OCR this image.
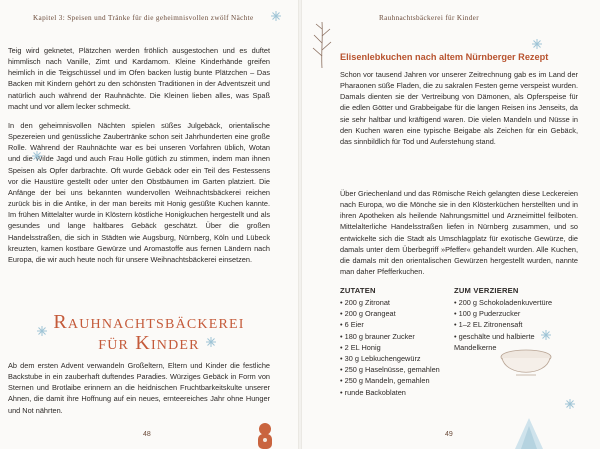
Kapitel 3: Speisen und Tränke für die geheimnisvollen zwölf Nächte

Teig wird geknetet, Plätzchen werden fröhlich ausgestochen und es duftet himmlisch nach Vanille, Zimt und Kardamom. Kleine Kinderhände greifen heimlich in die Teigschüssel und im Ofen backen lustig bunte Plätzchen – Das Backen mit Kindern gehört zu den schönsten Traditionen in der Adventszeit und natürlich auch während der Rauhnächte. Die Kleinen lieben alles, was Spaß macht und vor allem lecker schmeckt.

In den geheimnisvollen Nächten spielen süßes Julgebäck, orientalische Spezereien und genüssliche Zaubertränke schon seit Jahrhunderten eine große Rolle. Während der Rauhnächte war es bei unseren Vorfahren üblich, Wotan und die Wilde Jagd und auch Frau Holle gütlich zu stimmen, indem man ihnen Speisen als Opfer darbrachte. Oft wurde Gebäck oder ein Teil des Festessens vor die Haustüre gestellt oder unter den Obstbäumen im Garten platziert. Die Anfänge der bei uns bekannten wundervollen Weihnachtsbäckerei reichen zurück bis in die Antike, in der man bereits mit Honig gesüßte Kuchen kannte. Im frühen Mittelalter wurde in Klöstern köstliche Honigkuchen hergestellt und als gesundes und lange haltbares Gebäck geschätzt. Über die großen Handelsstraßen, die sich in Städten wie Augsburg, Nürnberg, Köln und Lübeck kreuzten, kamen kostbare Gewürze und Aromastoffe aus fernen Ländern nach Europa, die wir auch heute noch für unsere Weihnachtsbäckerei einsetzen.

Rauhnachtsbäckerei
für Kinder
Ab dem ersten Advent verwandeln Großeltern, Eltern und Kinder die festliche Backstube in ein zauberhaft duftendes Paradies. Würziges Gebäck in Form von Sternen und Brotlaibe erinnern an die heidnischen Fruchtbarkeitskulte unserer Ahnen, die damit ihre Hoffnung auf ein neues, ernteereiches Jahr ohne Hunger und Not nährten.
48
Rauhnachtsbäckerei für Kinder
Elisenlebkuchen nach altem Nürnberger Rezept
Schon vor tausend Jahren vor unserer Zeitrechnung gab es im Land der Pharaonen süße Fladen, die zu sakralen Festen gerne verspeist wurden. Damals dienten sie der Vertreibung von Dämonen, als Opferspeise für die edlen Götter und Grabbeigabe für die langen Reisen ins Jenseits, da sie sehr haltbar und kräftigend waren. Die vielen Mandeln und Nüsse in den Kuchen waren eine typische Beigabe als Zeichen für ein Gebäck, das sinnbildlich für Tod und Auferstehung stand.
Über Griechenland und das Römische Reich gelangten diese Leckereien nach Europa, wo die Mönche sie in den Klösterküchen herstellten und in ihren Apotheken als heilende Nahrungsmittel und Arzneimittel feilboten. Mittelalterliche Handelsstraßen liefen in Nürnberg zusammen, und so entwickelte sich die Stadt als Umschlagplatz für exotische Gewürze, die damals unter dem Überbegriff »Pfeffer« gehandelt wurden. Alle Kuchen, die damals mit den orientalischen Gewürzen hergestellt wurden, nannte man daher Pfefferkuchen.
ZUTATEN
• 200 g Zitronat
• 200 g Orangeat
• 6 Eier
• 180 g brauner Zucker
• 2 EL Honig
• 30 g Lebkuchengewürz
• 250 g Haselnüsse, gemahlen
• 250 g Mandeln, gemahlen
• runde Backoblaten
ZUM VERZIEREN
• 200 g Schokoladenkuvertüre
• 100 g Puderzucker
• 1–2 EL Zitronensaft
• geschälte und halbierte Mandelkerne
49
